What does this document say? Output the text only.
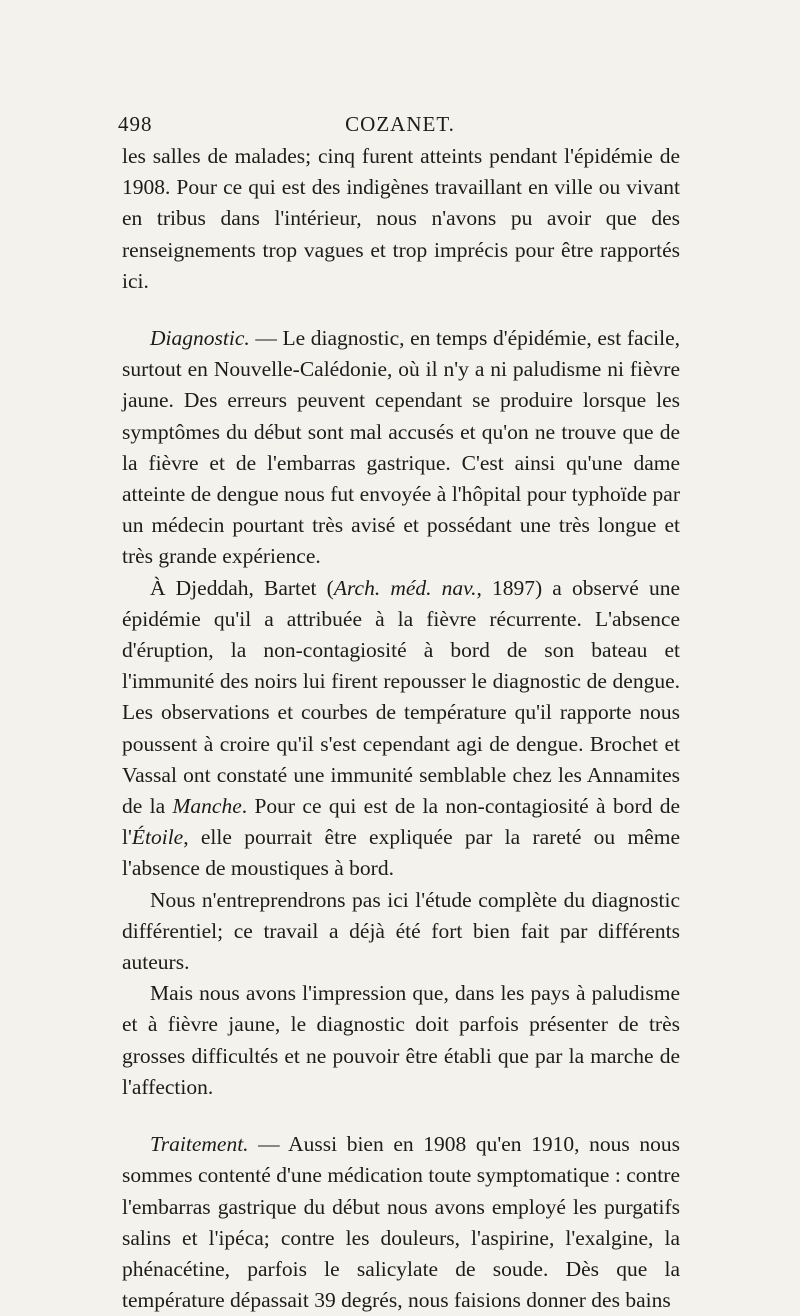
498	COZANET.

les salles de malades; cinq furent atteints pendant l'épidémie de 1908. Pour ce qui est des indigènes travaillant en ville ou vivant en tribus dans l'intérieur, nous n'avons pu avoir que des renseignements trop vagues et trop imprécis pour être rapportés ici.

Diagnostic. — Le diagnostic, en temps d'épidémie, est facile, surtout en Nouvelle-Calédonie, où il n'y a ni paludisme ni fièvre jaune. Des erreurs peuvent cependant se produire lorsque les symptômes du début sont mal accusés et qu'on ne trouve que de la fièvre et de l'embarras gastrique. C'est ainsi qu'une dame atteinte de dengue nous fut envoyée à l'hôpital pour typhoïde par un médecin pourtant très avisé et possédant une très longue et très grande expérience.

À Djeddah, Bartet (Arch. méd. nav., 1897) a observé une épidémie qu'il a attribuée à la fièvre récurrente. L'absence d'éruption, la non-contagiosité à bord de son bateau et l'immunité des noirs lui firent repousser le diagnostic de dengue. Les observations et courbes de température qu'il rapporte nous poussent à croire qu'il s'est cependant agi de dengue. Brochet et Vassal ont constaté une immunité semblable chez les Annamites de la Manche. Pour ce qui est de la non-contagiosité à bord de l'Étoile, elle pourrait être expliquée par la rareté ou même l'absence de moustiques à bord.

Nous n'entreprendrons pas ici l'étude complète du diagnostic différentiel; ce travail a déjà été fort bien fait par différents auteurs.

Mais nous avons l'impression que, dans les pays à paludisme et à fièvre jaune, le diagnostic doit parfois présenter de très grosses difficultés et ne pouvoir être établi que par la marche de l'affection.

Traitement. — Aussi bien en 1908 qu'en 1910, nous nous sommes contenté d'une médication toute symptomatique : contre l'embarras gastrique du début nous avons employé les purgatifs salins et l'ipéca; contre les douleurs, l'aspirine, l'exalgine, la phénacétine, parfois le salicylate de soude. Dès que la température dépassait 39 degrés, nous faisions donner des bains
